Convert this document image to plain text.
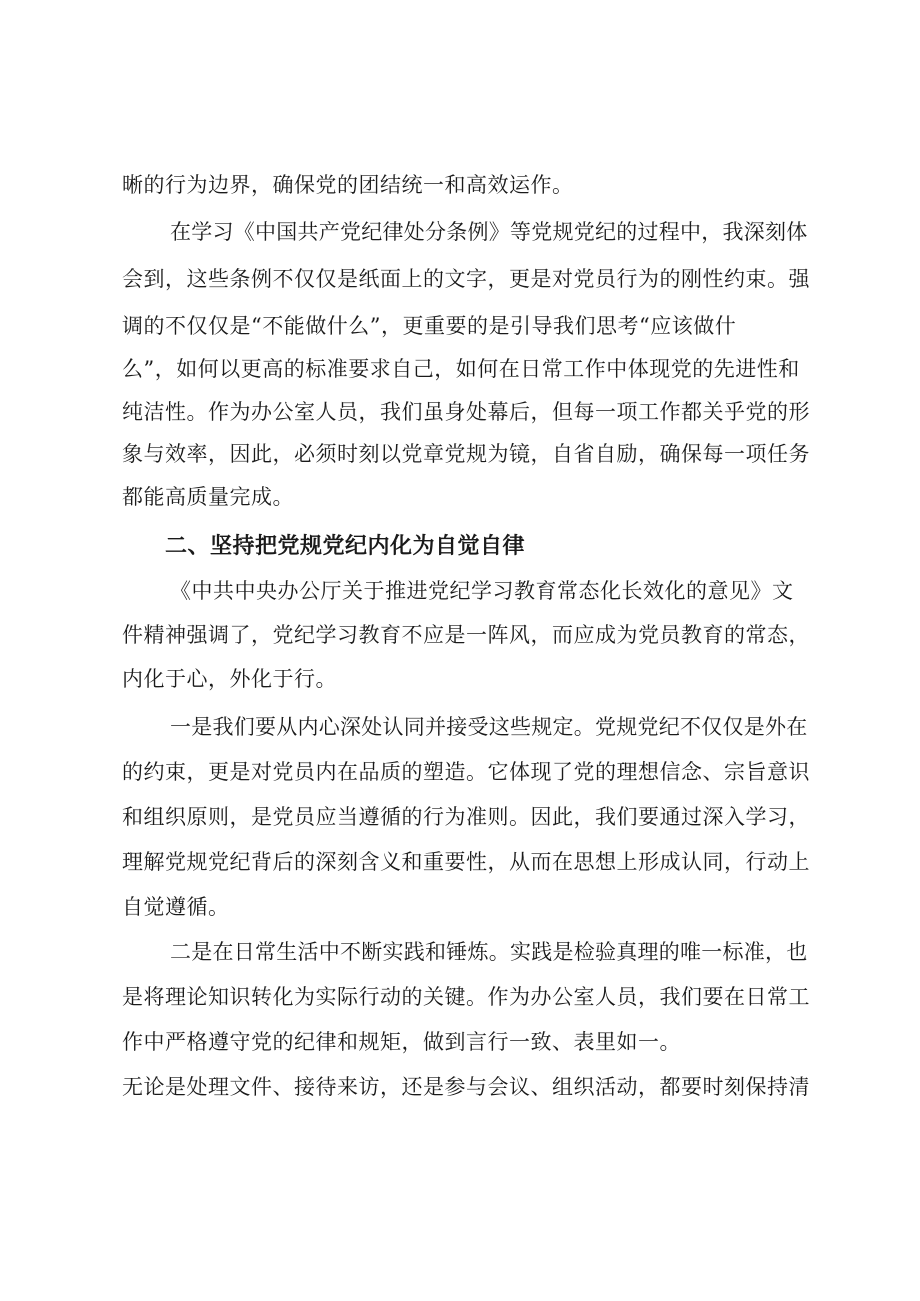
晰的行为边界，确保党的团结统一和高效运作。
在学习《中国共产党纪律处分条例》等党规党纪的过程中，我深刻体
会到，这些条例不仅仅是纸面上的文字，更是对党员行为的刚性约束。强
调的不仅仅是“不能做什么”，更重要的是引导我们思考“应该做什
么”，如何以更高的标准要求自己，如何在日常工作中体现党的先进性和
纯洁性。作为办公室人员，我们虽身处幕后，但每一项工作都关乎党的形
象与效率，因此，必须时刻以党章党规为镜，自省自励，确保每一项任务
都能高质量完成。
二、坚持把党规党纪内化为自觉自律
《中共中央办公厅关于推进党纪学习教育常态化长效化的意见》文
件精神强调了，党纪学习教育不应是一阵风，而应成为党员教育的常态，
内化于心，外化于行。
一是我们要从内心深处认同并接受这些规定。党规党纪不仅仅是外在
的约束，更是对党员内在品质的塑造。它体现了党的理想信念、宗旨意识
和组织原则，是党员应当遵循的行为准则。因此，我们要通过深入学习，
理解党规党纪背后的深刻含义和重要性，从而在思想上形成认同，行动上
自觉遵循。
二是在日常生活中不断实践和锤炼。实践是检验真理的唯一标准，也
是将理论知识转化为实际行动的关键。作为办公室人员，我们要在日常工
作中严格遵守党的纪律和规矩，做到言行一致、表里如一。
无论是处理文件、接待来访，还是参与会议、组织活动，都要时刻保持清
